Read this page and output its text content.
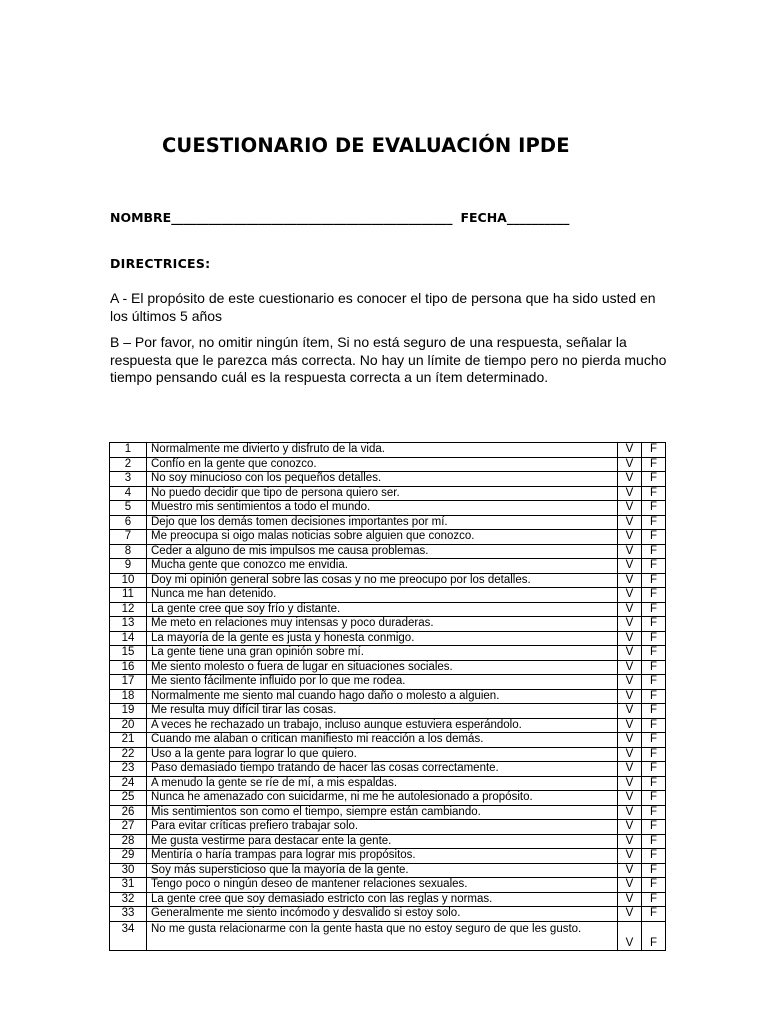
CUESTIONARIO DE EVALUACIÓN IPDE
NOMBRE_____________________________________________ FECHA__________
DIRECTRICES:
A - El propósito de este cuestionario es conocer el tipo de persona que ha sido usted en los últimos 5 años
B – Por favor, no omitir ningún ítem, Si no está seguro de una respuesta, señalar la respuesta que le parezca más correcta. No hay un límite de tiempo pero no pierda mucho tiempo pensando cuál es la respuesta correcta a un ítem determinado.
1	Normalmente me divierto y disfruto de la vida.	V	F
2	Confío en la gente que conozco.	V	F
3	No soy minucioso con los pequeños detalles.	V	F
4	No puedo decidir que tipo de persona quiero ser.	V	F
5	Muestro mis sentimientos a todo el mundo.	V	F
6	Dejo que los demás tomen decisiones importantes por mí.	V	F
7	Me preocupa si oigo malas noticias sobre alguien que conozco.	V	F
8	Ceder a alguno de mis impulsos me causa problemas.	V	F
9	Mucha gente que conozco me envidia.	V	F
10	Doy mi opinión general sobre las cosas y no me preocupo por los detalles.	V	F
11	Nunca me han detenido.	V	F
12	La gente cree que soy frío y distante.	V	F
13	Me meto en relaciones muy intensas y poco duraderas.	V	F
14	La mayoría de la gente es justa y honesta conmigo.	V	F
15	La gente tiene una gran opinión sobre mí.	V	F
16	Me siento molesto o fuera de lugar en situaciones sociales.	V	F
17	Me siento fácilmente influido por lo que me rodea.	V	F
18	Normalmente me siento mal cuando hago daño o molesto a alguien.	V	F
19	Me resulta muy difícil tirar las cosas.	V	F
20	A veces he rechazado un trabajo, incluso aunque estuviera esperándolo.	V	F
21	Cuando me alaban o critican manifiesto mi reacción a los demás.	V	F
22	Uso a la gente para lograr lo que quiero.	V	F
23	Paso demasiado tiempo tratando de hacer las cosas correctamente.	V	F
24	A menudo la gente se ríe de mí, a mis espaldas.	V	F
25	Nunca he amenazado con suicidarme, ni me he autolesionado a propósito.	V	F
26	Mis sentimientos son como el tiempo, siempre están cambiando.	V	F
27	Para evitar críticas prefiero trabajar solo.	V	F
28	Me gusta vestirme para destacar ente la gente.	V	F
29	Mentiría o haría trampas para lograr mis propósitos.	V	F
30	Soy más supersticioso que la mayoría de la gente.	V	F
31	Tengo poco o ningún deseo de mantener relaciones sexuales.	V	F
32	La gente cree que soy demasiado estricto con las reglas y normas.	V	F
33	Generalmente me siento incómodo y desvalido si estoy solo.	V	F
34	No me gusta relacionarme con la gente hasta que no estoy seguro de que les gusto.	V	F
